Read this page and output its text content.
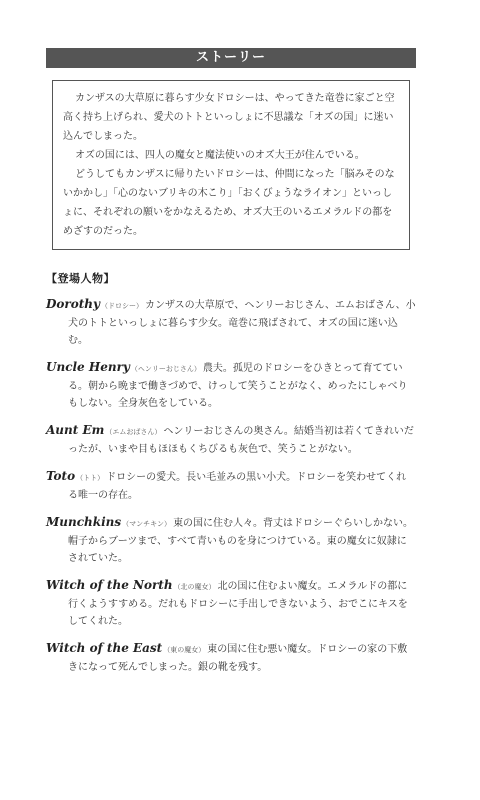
ストーリー

カンザスの大草原に暮らす少女ドロシーは、やってきた竜巻に家ごと空高く持ち上げられ、愛犬のトトといっしょに不思議な「オズの国」に迷い込んでしまった。

オズの国には、四人の魔女と魔法使いのオズ大王が住んでいる。

どうしてもカンザスに帰りたいドロシーは、仲間になった「脳みそのないかかし」「心のないブリキの木こり」「おくびょうなライオン」といっしょに、それぞれの願いをかなえるため、オズ大王のいるエメラルドの都をめざすのだった。

【登場人物】
Dorothy（ドロシー） カンザスの大草原で、ヘンリーおじさん、エムおばさん、小犬のトトといっしょに暮らす少女。竜巻に飛ばされて、オズの国に迷い込む。
Uncle Henry（ヘンリーおじさん） 農夫。孤児のドロシーをひきとって育てている。朝から晩まで働きづめで、けっして笑うことがなく、めったにしゃべりもしない。全身灰色をしている。
Aunt Em（エムおばさん） ヘンリーおじさんの奥さん。結婚当初は若くてきれいだったが、いまや目もほほもくちびるも灰色で、笑うことがない。
Toto（トト） ドロシーの愛犬。長い毛並みの黒い小犬。ドロシーを笑わせてくれる唯一の存在。
Munchkins（マンチキン） 東の国に住む人々。背丈はドロシーぐらいしかない。帽子からブーツまで、すべて青いものを身につけている。東の魔女に奴隷にされていた。
Witch of the North（北の魔女） 北の国に住むよい魔女。エメラルドの都に行くようすすめる。だれもドロシーに手出しできないよう、おでこにキスをしてくれた。
Witch of the East（東の魔女） 東の国に住む悪い魔女。ドロシーの家の下敷きになって死んでしまった。銀の靴を残す。
